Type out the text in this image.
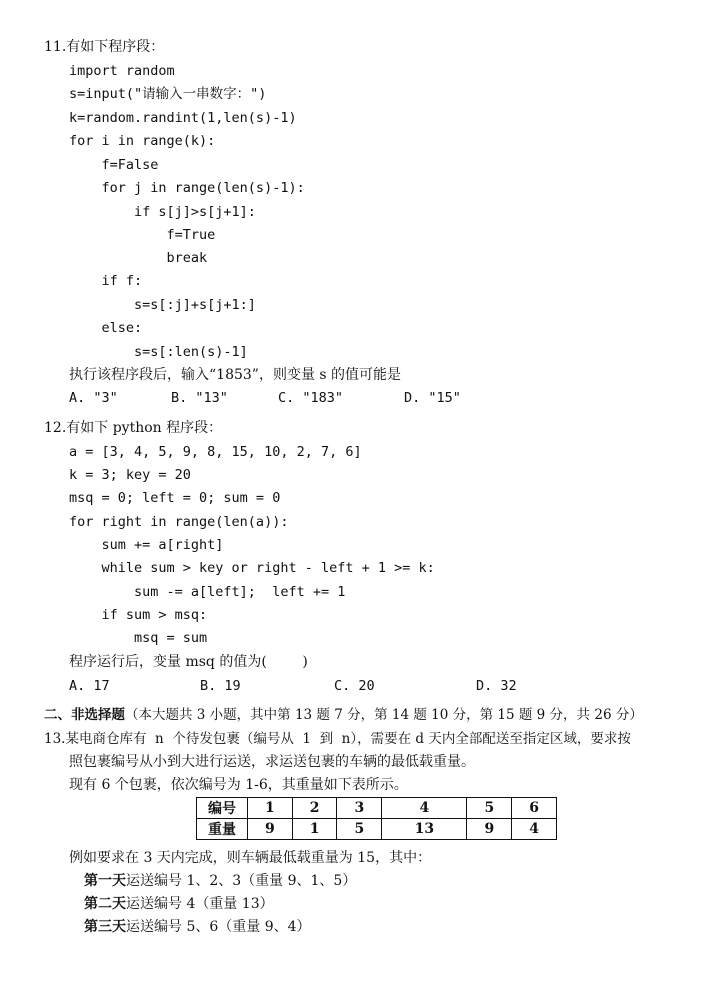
11.有如下程序段：
import random
s=input("请输入一串数字：")
k=random.randint(1,len(s)-1)
for i in range(k):
f=False
for j in range(len(s)-1):
if s[j]>s[j+1]:
f=True
break
if f:
s=s[:j]+s[j+1:]
else:
s=s[:len(s)-1]
执行该程序段后，输入“1853”，则变量 s 的值可能是
A. "3"	B. "13"	C. "183"	D. "15"
12.有如下 python 程序段：
a = [3, 4, 5, 9, 8, 15, 10, 2, 7, 6]
k = 3; key = 20
msq = 0; left = 0; sum = 0
for right in range(len(a)):
sum += a[right]
while sum > key or right - left + 1 >= k:
sum -= a[left];  left += 1
if sum > msq:
msq = sum
程序运行后，变量 msq 的值为(        )
A. 17	B. 19	C. 20	D. 32
二、非选择题（本大题共 3 小题，其中第 13 题 7 分，第 14 题 10 分，第 15 题 9 分，共 26 分）
13.某电商仓库有  n  个待发包裹（编号从  1  到  n），需要在 d 天内全部配送至指定区域，要求按
照包裹编号从小到大进行运送，求运送包裹的车辆的最低载重量。
现有 6 个包裹，依次编号为 1-6，其重量如下表所示。
编号	1	2	3	4	5	6
重量	9	1	5	13	9	4
例如要求在 3 天内完成，则车辆最低载重量为 15，其中：
第一天运送编号 1、2、3（重量 9、1、5）
第二天运送编号 4（重量 13）
第三天运送编号 5、6（重量 9、4）
